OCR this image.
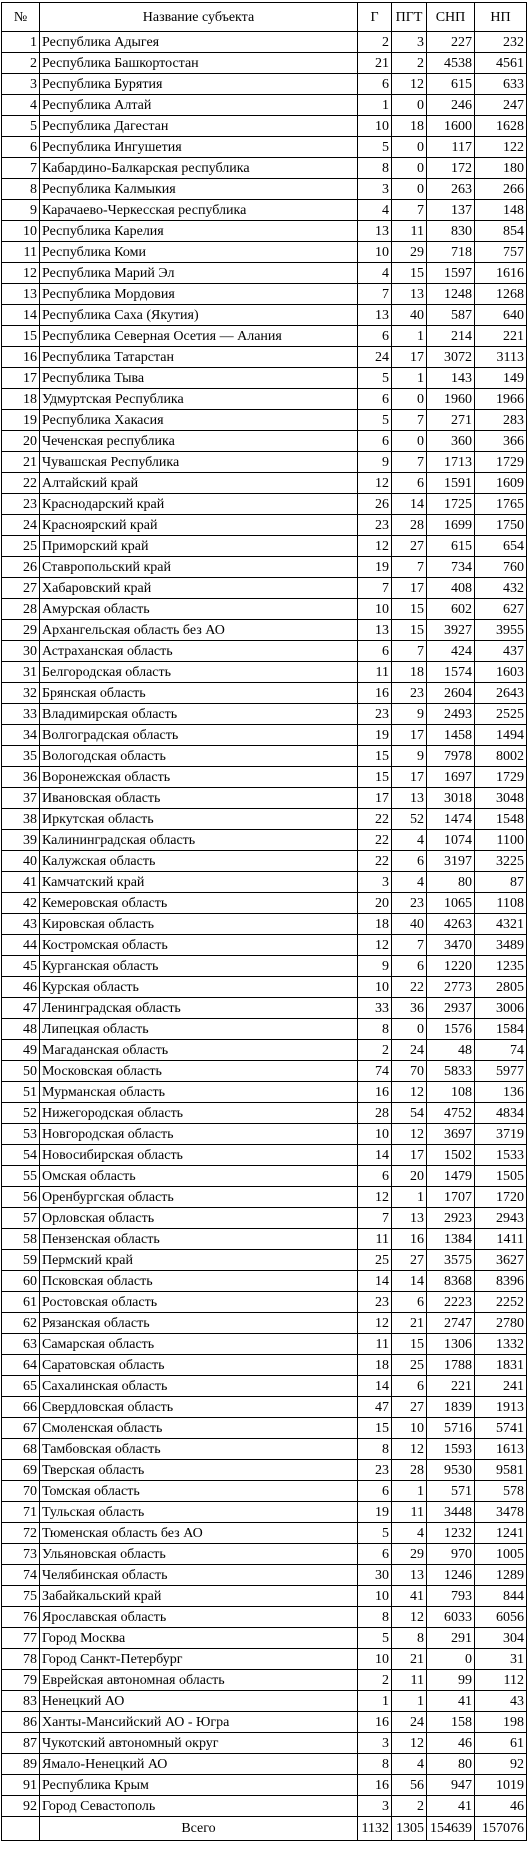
№	Название субъекта	Г	ПГТ	СНП	НП
1	Республика Адыгея	2	3	227	232
2	Республика Башкортостан	21	2	4538	4561
3	Республика Бурятия	6	12	615	633
4	Республика Алтай	1	0	246	247
5	Республика Дагестан	10	18	1600	1628
6	Республика Ингушетия	5	0	117	122
7	Кабардино-Балкарская республика	8	0	172	180
8	Республика Калмыкия	3	0	263	266
9	Карачаево-Черкесская республика	4	7	137	148
10	Республика Карелия	13	11	830	854
11	Республика Коми	10	29	718	757
12	Республика Марий Эл	4	15	1597	1616
13	Республика Мордовия	7	13	1248	1268
14	Республика Саха (Якутия)	13	40	587	640
15	Республика Северная Осетия — Алания	6	1	214	221
16	Республика Татарстан	24	17	3072	3113
17	Республика Тыва	5	1	143	149
18	Удмуртская Республика	6	0	1960	1966
19	Республика Хакасия	5	7	271	283
20	Чеченская республика	6	0	360	366
21	Чувашская Республика	9	7	1713	1729
22	Алтайский край	12	6	1591	1609
23	Краснодарский край	26	14	1725	1765
24	Красноярский край	23	28	1699	1750
25	Приморский край	12	27	615	654
26	Ставропольский край	19	7	734	760
27	Хабаровский край	7	17	408	432
28	Амурская область	10	15	602	627
29	Архангельская область без АО	13	15	3927	3955
30	Астраханская область	6	7	424	437
31	Белгородская область	11	18	1574	1603
32	Брянская область	16	23	2604	2643
33	Владимирская область	23	9	2493	2525
34	Волгоградская область	19	17	1458	1494
35	Вологодская область	15	9	7978	8002
36	Воронежская область	15	17	1697	1729
37	Ивановская область	17	13	3018	3048
38	Иркутская область	22	52	1474	1548
39	Калининградская область	22	4	1074	1100
40	Калужская область	22	6	3197	3225
41	Камчатский край	3	4	80	87
42	Кемеровская область	20	23	1065	1108
43	Кировская область	18	40	4263	4321
44	Костромская область	12	7	3470	3489
45	Курганская область	9	6	1220	1235
46	Курская область	10	22	2773	2805
47	Ленинградская область	33	36	2937	3006
48	Липецкая область	8	0	1576	1584
49	Магаданская область	2	24	48	74
50	Московская область	74	70	5833	5977
51	Мурманская область	16	12	108	136
52	Нижегородская область	28	54	4752	4834
53	Новгородская область	10	12	3697	3719
54	Новосибирская область	14	17	1502	1533
55	Омская область	6	20	1479	1505
56	Оренбургская область	12	1	1707	1720
57	Орловская область	7	13	2923	2943
58	Пензенская область	11	16	1384	1411
59	Пермский край	25	27	3575	3627
60	Псковская область	14	14	8368	8396
61	Ростовская область	23	6	2223	2252
62	Рязанская область	12	21	2747	2780
63	Самарская область	11	15	1306	1332
64	Саратовская область	18	25	1788	1831
65	Сахалинская область	14	6	221	241
66	Свердловская область	47	27	1839	1913
67	Смоленская область	15	10	5716	5741
68	Тамбовская область	8	12	1593	1613
69	Тверская область	23	28	9530	9581
70	Томская область	6	1	571	578
71	Тульская область	19	11	3448	3478
72	Тюменская область без АО	5	4	1232	1241
73	Ульяновская область	6	29	970	1005
74	Челябинская область	30	13	1246	1289
75	Забайкальский край	10	41	793	844
76	Ярославская область	8	12	6033	6056
77	Город Москва	5	8	291	304
78	Город Санкт-Петербург	10	21	0	31
79	Еврейская автономная область	2	11	99	112
83	Ненецкий АО	1	1	41	43
86	Ханты-Мансийский АО - Югра	16	24	158	198
87	Чукотский автономный округ	3	12	46	61
89	Ямало-Ненецкий АО	8	4	80	92
91	Республика Крым	16	56	947	1019
92	Город Севастополь	3	2	41	46
	Всего	1132	1305	154639	157076
